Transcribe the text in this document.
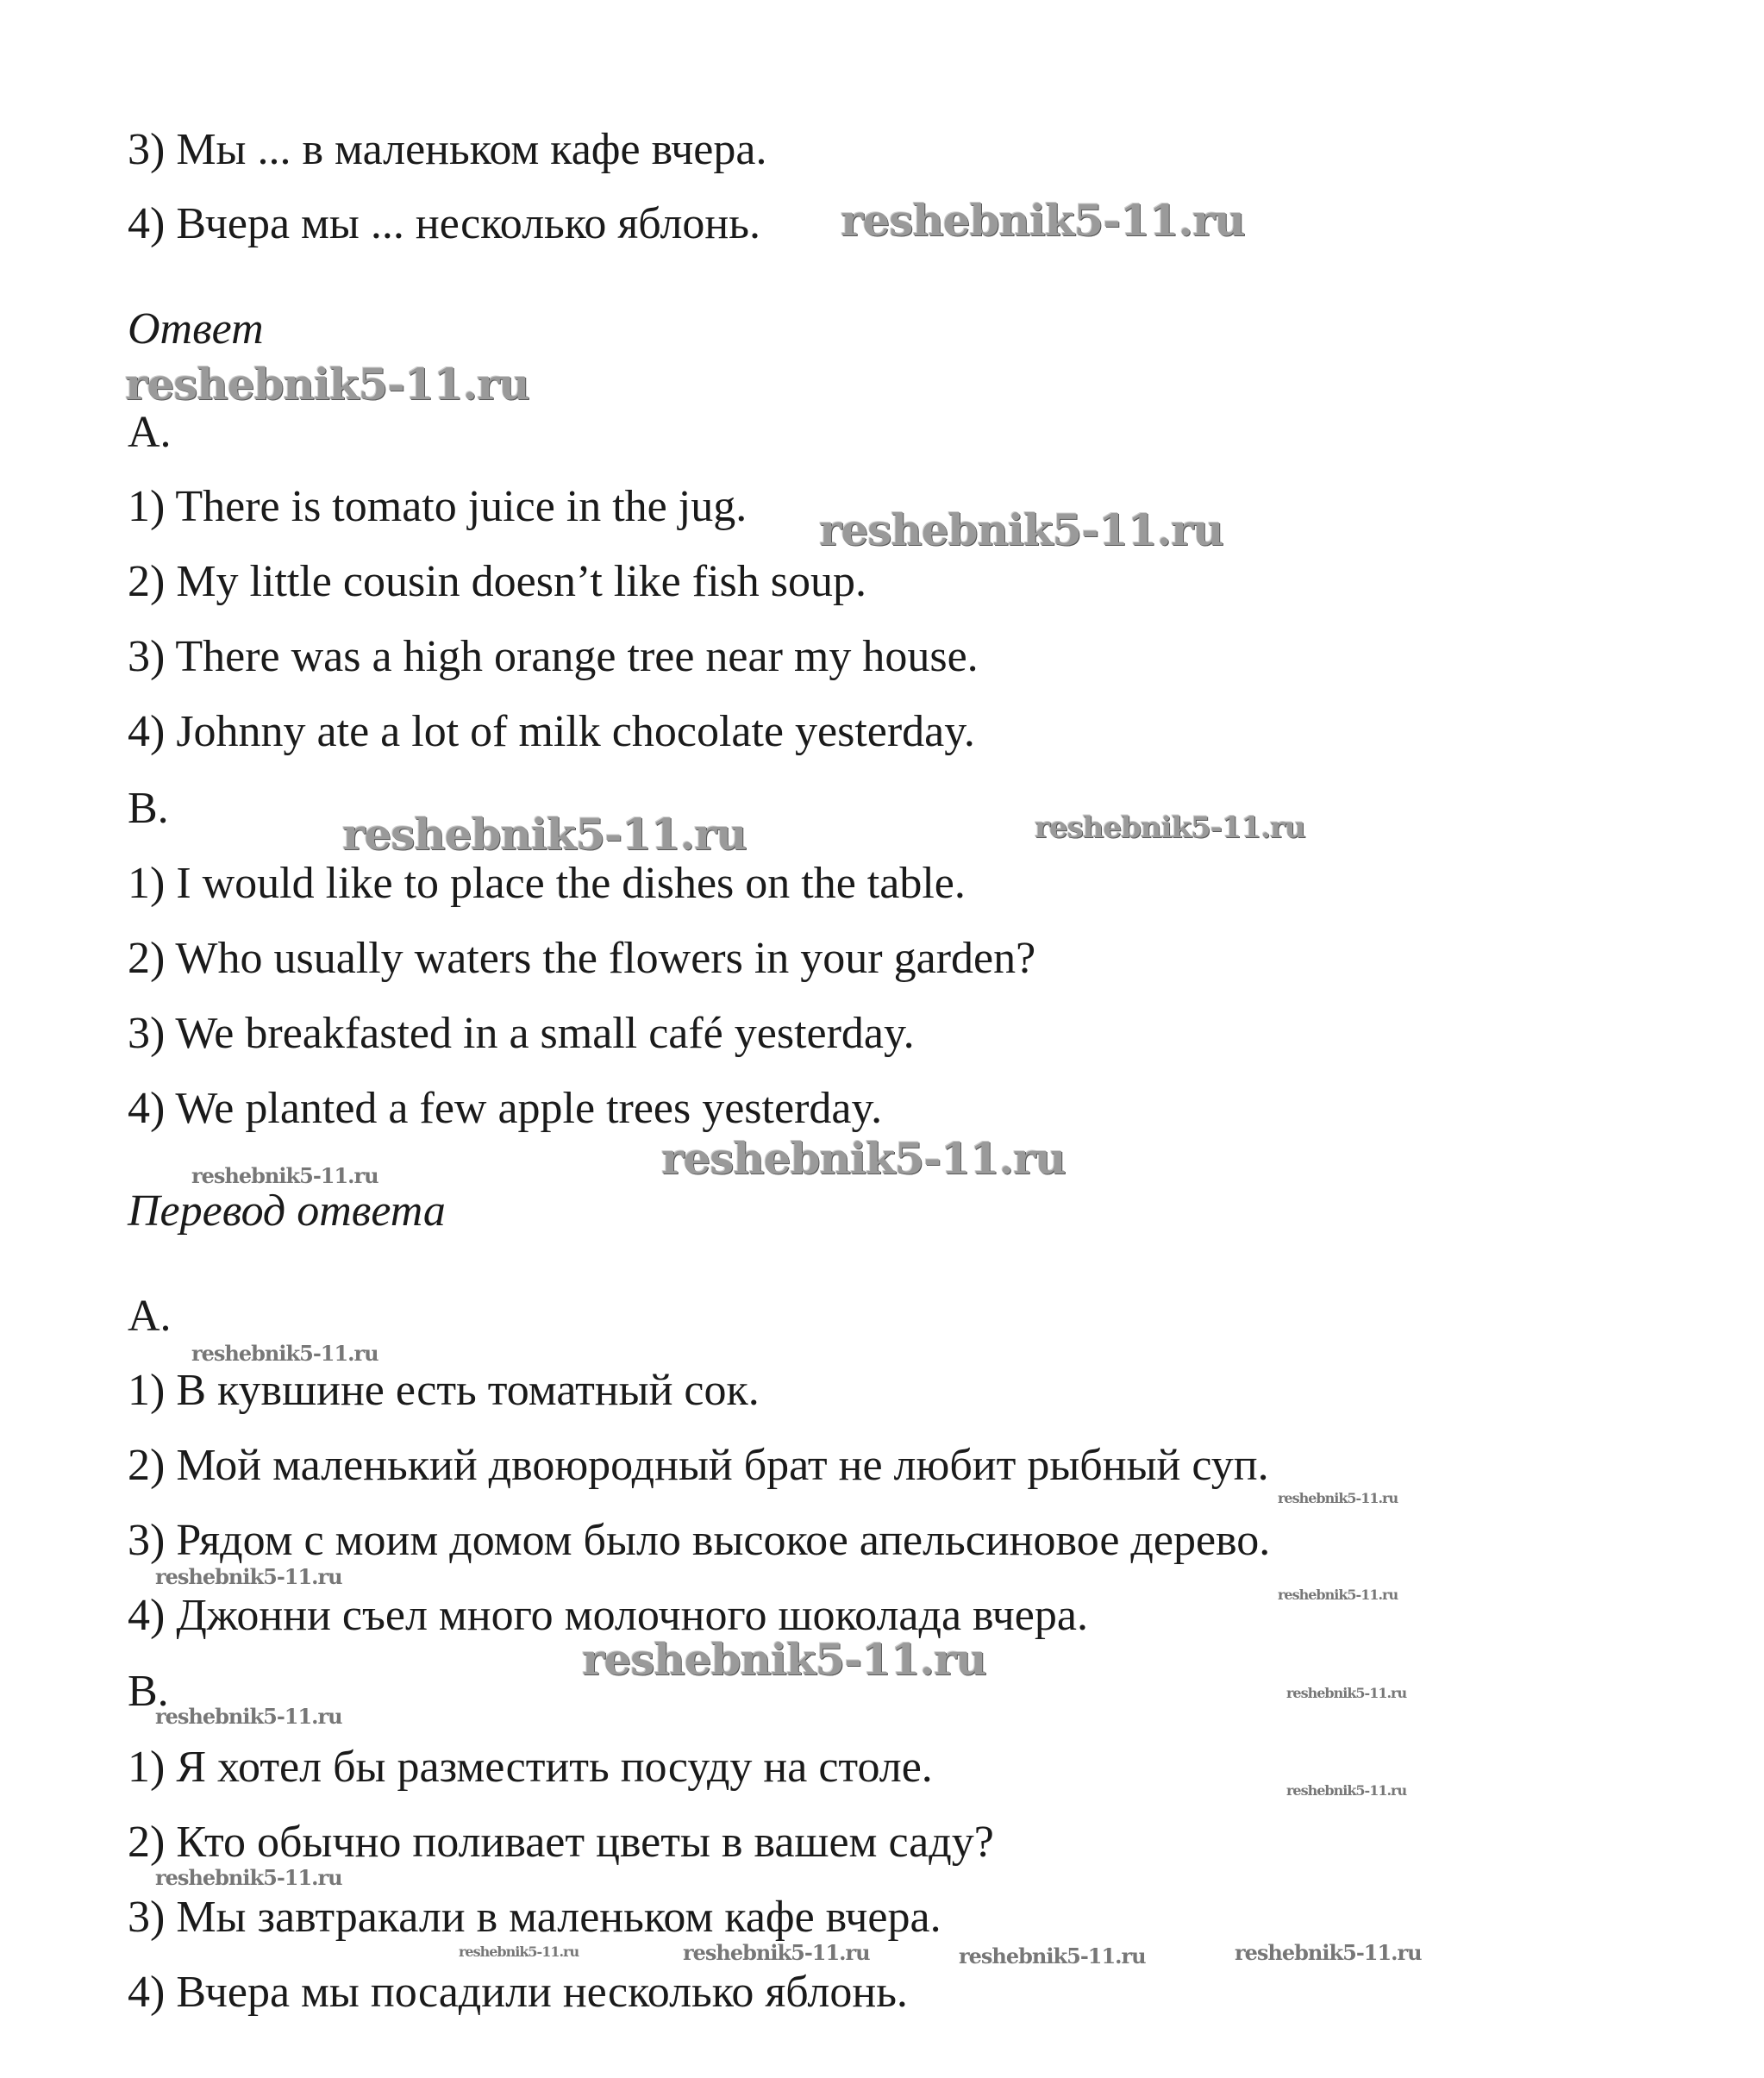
3) Мы ... в маленьком кафе вчера.
4) Вчера мы ... несколько яблонь.
Ответ
A.
1) There is tomato juice in the jug.
2) My little cousin doesn’t like fish soup.
3) There was a high orange tree near my house.
4) Johnny ate a lot of milk chocolate yesterday.
B.
1) I would like to place the dishes on the table.
2) Who usually waters the flowers in your garden?
3) We breakfasted in a small café yesterday.
4) We planted a few apple trees yesterday.
Перевод ответа
A.
1) В кувшине есть томатный сок.
2) Мой маленький двоюродный брат не любит рыбный суп.
3) Рядом с моим домом было высокое апельсиновое дерево.
4) Джонни съел много молочного шоколада вчера.
B.
1) Я хотел бы разместить посуду на столе.
2) Кто обычно поливает цветы в вашем саду?
3) Мы завтракали в маленьком кафе вчера.
4) Вчера мы посадили несколько яблонь.
reshebnik5-11.ru
reshebnik5-11.ru
reshebnik5-11.ru
reshebnik5-11.ru	reshebnik5-11.ru
reshebnik5-11.ru
reshebnik5-11.ru
reshebnik5-11.ru
reshebnik5-11.ru
reshebnik5-11.ru
reshebnik5-11.ru
reshebnik5-11.ru
reshebnik5-11.ru
reshebnik5-11.ru
reshebnik5-11.ru
reshebnik5-11.ru
reshebnik5-11.ru	reshebnik5-11.ru	reshebnik5-11.ru	reshebnik5-11.ru
